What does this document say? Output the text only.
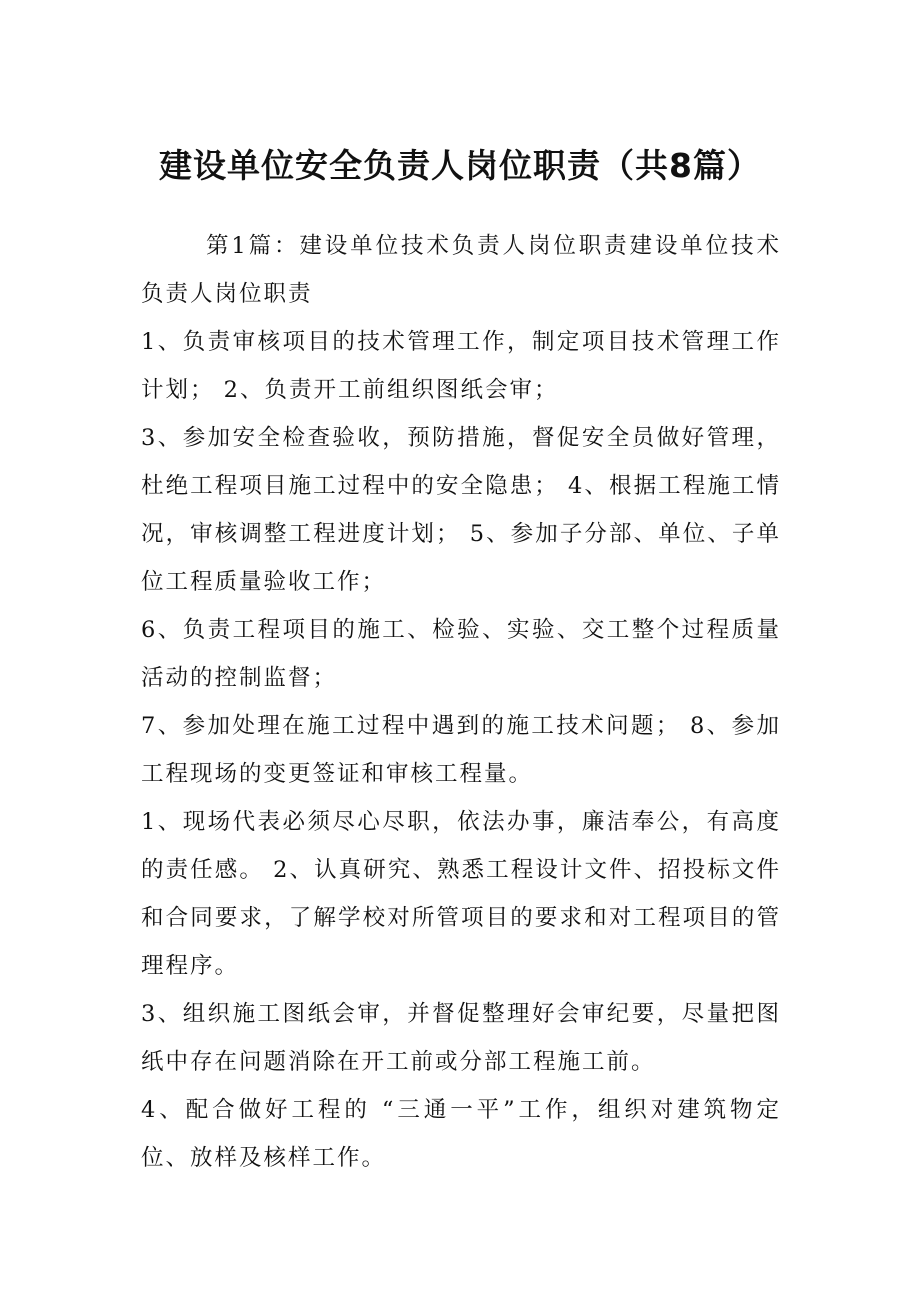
建设单位安全负责人岗位职责（共8篇）

第1篇：建设单位技术负责人岗位职责建设单位技术负责人岗位职责

1、负责审核项目的技术管理工作，制定项目技术管理工作计划； 2、负责开工前组织图纸会审；

3、参加安全检查验收，预防措施，督促安全员做好管理，杜绝工程项目施工过程中的安全隐患； 4、根据工程施工情况，审核调整工程进度计划； 5、参加子分部、单位、子单位工程质量验收工作；

6、负责工程项目的施工、检验、实验、交工整个过程质量活动的控制监督；

7、参加处理在施工过程中遇到的施工技术问题； 8、参加工程现场的变更签证和审核工程量。

1、现场代表必须尽心尽职，依法办事，廉洁奉公，有高度的责任感。 2、认真研究、熟悉工程设计文件、招投标文件和合同要求，了解学校对所管项目的要求和对工程项目的管理程序。

3、组织施工图纸会审，并督促整理好会审纪要，尽量把图纸中存在问题消除在开工前或分部工程施工前。

4、配合做好工程的 “三通一平”工作，组织对建筑物定位、放样及核样工作。
